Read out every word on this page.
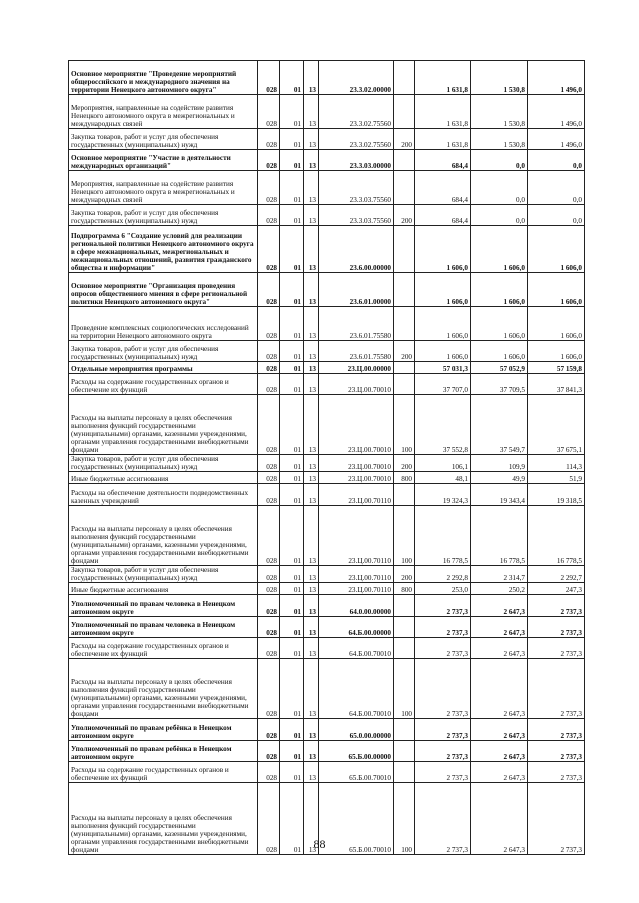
Основное мероприятие "Проведение мероприятий общероссийского и международного значения на территории Ненецкого автономного округа"	028	01	13	23.3.02.00000		1 631,8	1 530,8	1 496,0
Мероприятия, направленные на содействие развития Ненецкого автономного округа в межрегиональных и международных связей	028	01	13	23.3.02.75560		1 631,8	1 530,8	1 496,0
Закупка товаров, работ и услуг для обеспечения государственных (муниципальных) нужд	028	01	13	23.3.02.75560	200	1 631,8	1 530,8	1 496,0
Основное мероприятие "Участие в деятельности международных организаций"	028	01	13	23.3.03.00000		684,4	0,0	0,0
Мероприятия, направленные на содействие развития Ненецкого автономного округа в межрегиональных и международных связей	028	01	13	23.3.03.75560		684,4	0,0	0,0
Закупка товаров, работ и услуг для обеспечения государственных (муниципальных) нужд	028	01	13	23.3.03.75560	200	684,4	0,0	0,0
Подпрограмма 6 "Создание условий для реализации региональной политики Ненецкого автономного округа в сфере межнациональных, межрегиональных и межнациональных отношений, развития гражданского общества и информации"	028	01	13	23.6.00.00000		1 606,0	1 606,0	1 606,0
Основное мероприятие "Организация проведения опросов общественного мнения в сфере региональной политики Ненецкого автономного округа"	028	01	13	23.6.01.00000		1 606,0	1 606,0	1 606,0
Проведение комплексных социологических исследований на территории Ненецкого автономного округа	028	01	13	23.6.01.75580		1 606,0	1 606,0	1 606,0
Закупка товаров, работ и услуг для обеспечения государственных (муниципальных) нужд	028	01	13	23.6.01.75580	200	1 606,0	1 606,0	1 606,0
Отдельные мероприятия программы	028	01	13	23.Ц.00.00000		57 031,3	57 052,9	57 159,8
Расходы на содержание государственных органов и обеспечение их функций	028	01	13	23.Ц.00.70010		37 707,0	37 709,5	37 841,3
Расходы на выплаты персоналу в целях обеспечения выполнения функций государственными (муниципальными) органами, казенными учреждениями, органами управления государственными внебюджетными фондами	028	01	13	23.Ц.00.70010	100	37 552,8	37 549,7	37 675,1
Закупка товаров, работ и услуг для обеспечения государственных (муниципальных) нужд	028	01	13	23.Ц.00.70010	200	106,1	109,9	114,3
Иные бюджетные ассигнования	028	01	13	23.Ц.00.70010	800	48,1	49,9	51,9
Расходы на обеспечение деятельности подведомственных казенных учреждений	028	01	13	23.Ц.00.70110		19 324,3	19 343,4	19 318,5
Расходы на выплаты персоналу в целях обеспечения выполнения функций государственными (муниципальными) органами, казенными учреждениями, органами управления государственными внебюджетными фондами	028	01	13	23.Ц.00.70110	100	16 778,5	16 778,5	16 778,5
Закупка товаров, работ и услуг для обеспечения государственных (муниципальных) нужд	028	01	13	23.Ц.00.70110	200	2 292,8	2 314,7	2 292,7
Иные бюджетные ассигнования	028	01	13	23.Ц.00.70110	800	253,0	250,2	247,3
Уполномоченный по правам человека в Ненецком автономном округе	028	01	13	64.0.00.00000		2 737,3	2 647,3	2 737,3
Уполномоченный по правам человека в Ненецком автономном округе	028	01	13	64.Б.00.00000		2 737,3	2 647,3	2 737,3
Расходы на содержание государственных органов и обеспечение их функций	028	01	13	64.Б.00.70010		2 737,3	2 647,3	2 737,3
Расходы на выплаты персоналу в целях обеспечения выполнения функций государственными (муниципальными) органами, казенными учреждениями, органами управления государственными внебюджетными фондами	028	01	13	64.Б.00.70010	100	2 737,3	2 647,3	2 737,3
Уполномоченный по правам ребёнка в Ненецком автономном округе	028	01	13	65.0.00.00000		2 737,3	2 647,3	2 737,3
Уполномоченный по правам ребёнка в Ненецком автономном округе	028	01	13	65.Б.00.00000		2 737,3	2 647,3	2 737,3
Расходы на содержание государственных органов и обеспечение их функций	028	01	13	65.Б.00.70010		2 737,3	2 647,3	2 737,3
Расходы на выплаты персоналу в целях обеспечения выполнения функций государственными (муниципальными) органами, казенными учреждениями, органами управления государственными внебюджетными фондами	028	01	13	65.Б.00.70010	100	2 737,3	2 647,3	2 737,3
88
